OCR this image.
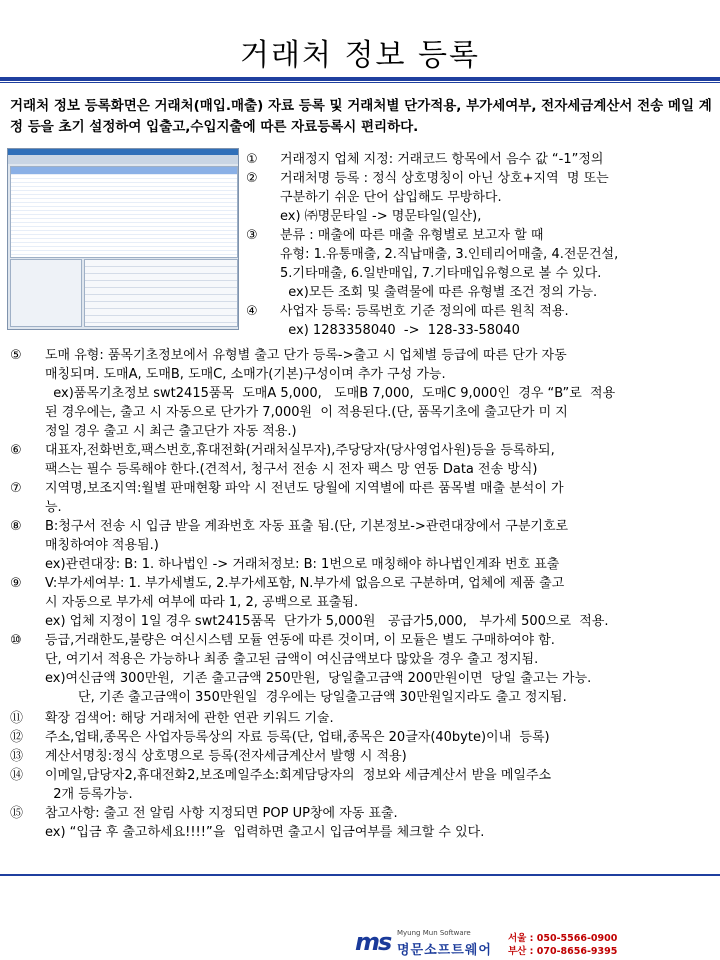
거래처 정보 등록
거래처 정보 등록화면은 거래처(매입.매출) 자료 등록 및 거래처별 단가적용, 부가세여부, 전자세금계산서 전송 메일 계정 등을 초기 설정하여 입출고,수입지출에 따른 자료등록시 편리하다.
①	거래정지 업체 지정: 거래코드 항목에서 음수 값 “-1”정의
②	거래처명 등록 : 정식 상호명칭이 아닌 상호+지역  명 또는
구분하기 쉬운 단어 삽입해도 무방하다.
ex) ㈜명문타일 -> 명문타일(일산),
③	분류 : 매출에 따른 매출 유형별로 보고자 할 때
유형: 1.유통매출, 2.직납매출, 3.인테리어매출, 4.전문건설,
5.기타매출, 6.일반매입, 7.기타매입유형으로 볼 수 있다.
ex)모든 조회 및 출력물에 따른 유형별 조건 정의 가능.
④	사업자 등록: 등록번호 기준 정의에 따른 원칙 적용.
ex) 1283358040  ->  128-33-58040
⑤	도매 유형: 품목기초정보에서 유형별 출고 단가 등록->출고 시 업체별 등급에 따른 단가 자동
매칭되며. 도매A, 도매B, 도매C, 소매가(기본)구성이며 추가 구성 가능.
ex)품목기초정보 swt2415품목  도매A 5,000,   도매B 7,000,  도매C 9,000인  경우 “B”로  적용
된 경우에는, 출고 시 자동으로 단가가 7,000원  이 적용된다.(단, 품목기초에 출고단가 미 지
정일 경우 출고 시 최근 출고단가 자동 적용.)
⑥	대표자,전화번호,팩스번호,휴대전화(거래처실무자),주당당자(당사영업사원)등을 등록하되,
팩스는 필수 등록해야 한다.(견적서, 청구서 전송 시 전자 팩스 망 연동 Data 전송 방식)
⑦	지역명,보조지역:월별 판매현황 파악 시 전년도 당월에 지역별에 따른 품목별 매출 분석이 가
능.
⑧	B:청구서 전송 시 입금 받을 계좌번호 자동 표출 됨.(단, 기본정보->관련대장에서 구분기호로
매칭하여야 적용됨.)
ex)관련대장: B: 1. 하나법인 -> 거래처정보: B: 1번으로 매칭해야 하나법인계좌 번호 표출
⑨	V:부가세여부: 1. 부가세별도, 2.부가세포함, N.부가세 없음으로 구분하며, 업체에 제품 출고
시 자동으로 부가세 여부에 따라 1, 2, 공백으로 표출됨.
ex) 업체 지정이 1일 경우 swt2415품목  단가가 5,000원   공급가5,000,   부가세 500으로  적용.
⑩	등급,거래한도,불량은 여신시스템 모듈 연동에 따른 것이며, 이 모듈은 별도 구매하여야 함.
단, 여기서 적용은 가능하나 최종 출고된 금액이 여신금액보다 많았을 경우 출고 정지됨.
ex)여신금액 300만원,  기존 출고금액 250만원,  당일출고금액 200만원이면  당일 출고는 가능.
단, 기존 출고금액이 350만원일  경우에는 당일출고금액 30만원일지라도 출고 정지됨.
⑪	확장 검색어: 해당 거래처에 관한 연관 키워드 기술.
⑫	주소,업태,종목은 사업자등록상의 자료 등록(단, 업태,종목은 20글자(40byte)이내  등록)
⑬	계산서명칭:정식 상호명으로 등록(전자세금계산서 발행 시 적용)
⑭	이메일,담당자2,휴대전화2,보조메일주소:회계담당자의  정보와 세금계산서 받을 메일주소
2개 등록가능.
⑮	참고사항: 출고 전 알림 사항 지정되면 POP UP창에 자동 표출.
ex) “입금 후 출고하세요!!!!”을  입력하면 출고시 입금여부를 체크할 수 있다.
ms Myung Mun Software
명문소프트웨어
서울 : 050-5566-0900
부산 : 070-8656-9395
